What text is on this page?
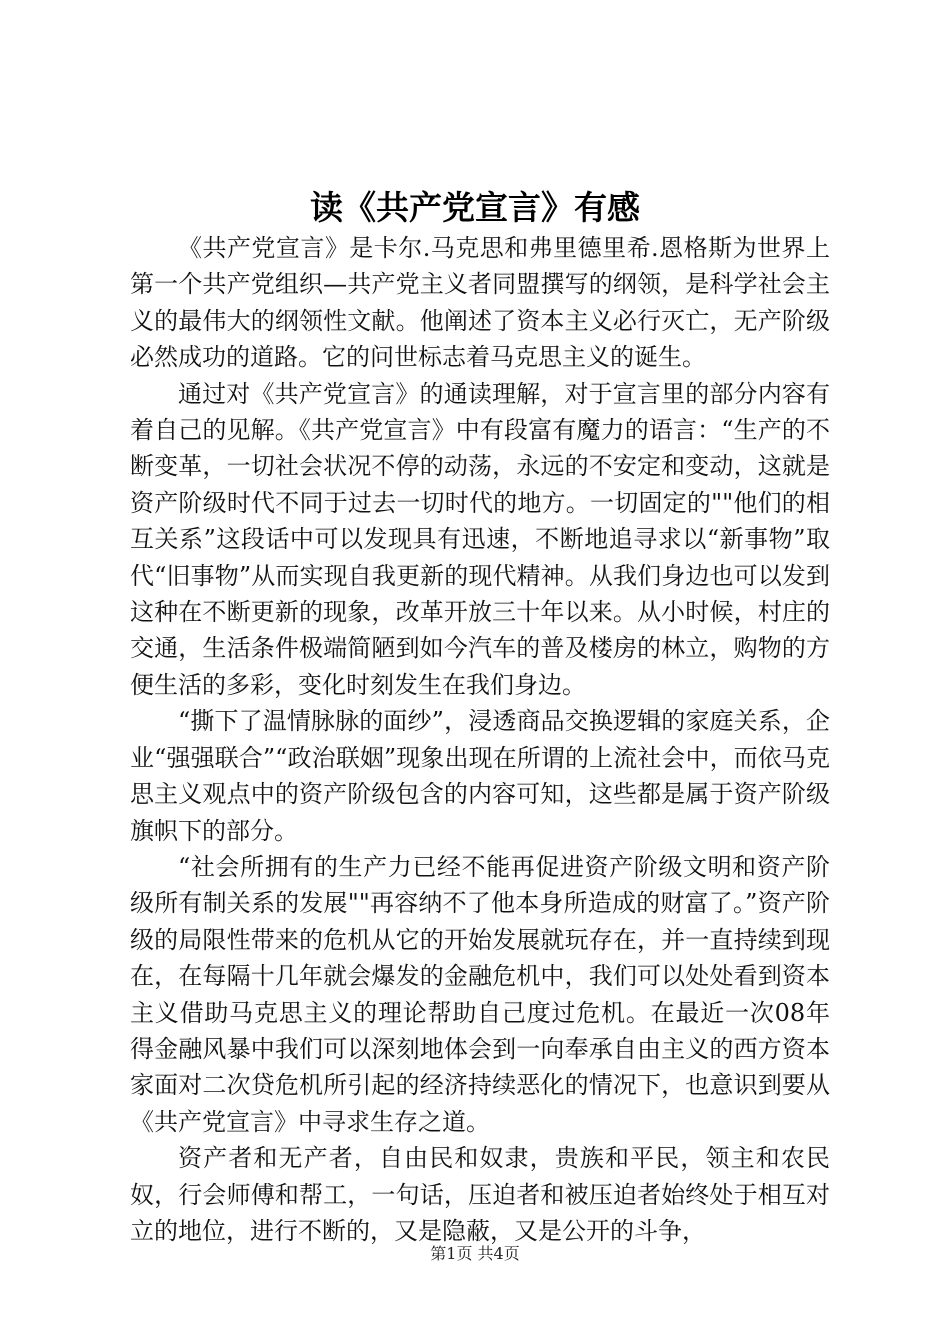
读《共产党宣言》有感

《共产党宣言》是卡尔.马克思和弗里德里希.恩格斯为世界上第一个共产党组织—共产党主义者同盟撰写的纲领，是科学社会主义的最伟大的纲领性文献。他阐述了资本主义必行灭亡，无产阶级必然成功的道路。它的问世标志着马克思主义的诞生。

通过对《共产党宣言》的通读理解，对于宣言里的部分内容有着自己的见解。《共产党宣言》中有段富有魔力的语言：“生产的不断变革，一切社会状况不停的动荡，永远的不安定和变动，这就是资产阶级时代不同于过去一切时代的地方。一切固定的""他们的相互关系”这段话中可以发现具有迅速，不断地追寻求以“新事物”取代“旧事物”从而实现自我更新的现代精神。从我们身边也可以发到这种在不断更新的现象，改革开放三十年以来。从小时候，村庄的交通，生活条件极端简陋到如今汽车的普及楼房的林立，购物的方便生活的多彩，变化时刻发生在我们身边。

“撕下了温情脉脉的面纱”，浸透商品交换逻辑的家庭关系，企业“强强联合”“政治联姻”现象出现在所谓的上流社会中，而依马克思主义观点中的资产阶级包含的内容可知，这些都是属于资产阶级旗帜下的部分。

“社会所拥有的生产力已经不能再促进资产阶级文明和资产阶级所有制关系的发展""再容纳不了他本身所造成的财富了。”资产阶级的局限性带来的危机从它的开始发展就玩存在，并一直持续到现在，在每隔十几年就会爆发的金融危机中，我们可以处处看到资本主义借助马克思主义的理论帮助自己度过危机。在最近一次08年得金融风暴中我们可以深刻地体会到一向奉承自由主义的西方资本家面对二次贷危机所引起的经济持续恶化的情况下，也意识到要从《共产党宣言》中寻求生存之道。

资产者和无产者，自由民和奴隶，贵族和平民，领主和农民奴，行会师傅和帮工，一句话，压迫者和被压迫者始终处于相互对立的地位，进行不断的，又是隐蔽，又是公开的斗争，

第1页 共4页
